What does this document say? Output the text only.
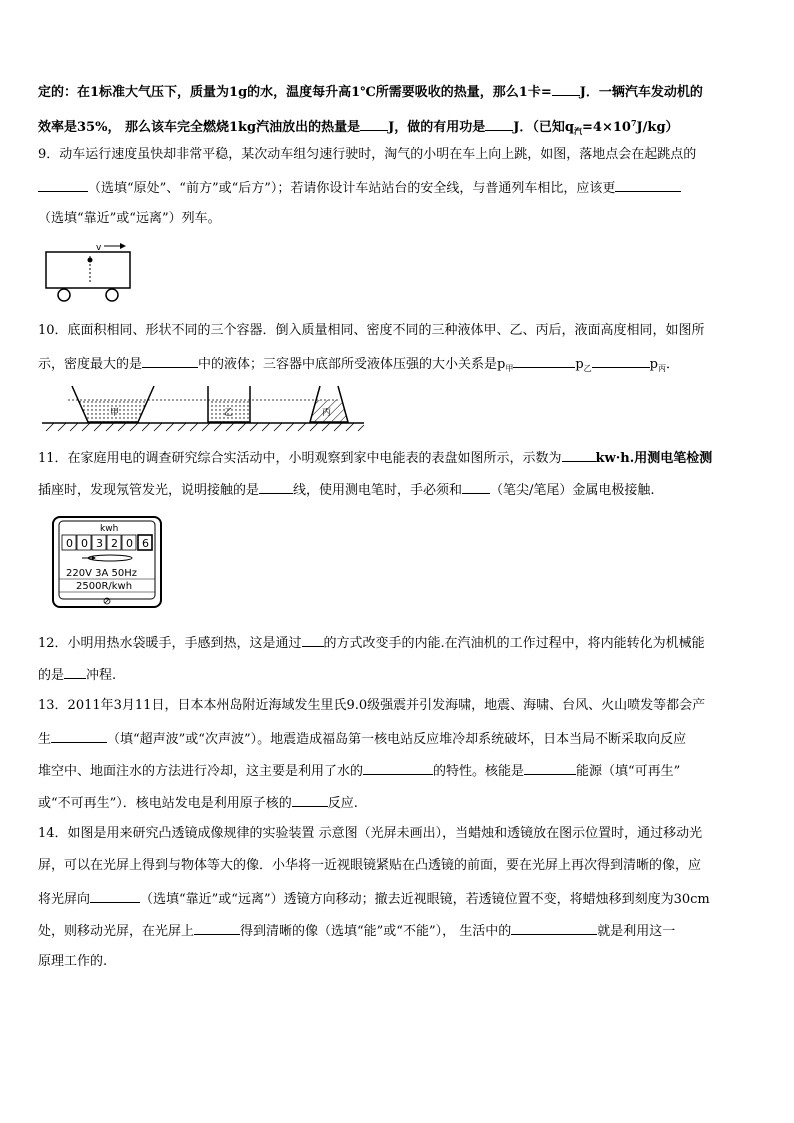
定的：在1标准大气压下，质量为1g的水，温度每升高1℃所需要吸收的热量，那么1卡= J．一辆汽车发动机的
效率是35%， 那么该车完全燃烧1kg汽油放出的热量是 J，做的有用功是 J．（已知$q_汽=4\times 10^7J/kg$）
9．动车运行速度虽快却非常平稳，某次动车组匀速行驶时，淘气的小明在车上向上跳，如图，落地点会在起跳点的
（选填“原处”、“前方”或“后方”）；若请你设计车站站台的安全线，与普通列车相比，应该更
（选填“靠近”或“远离”）列车。
v
10．底面积相同、形状不同的三个容器．倒入质量相同、密度不同的三种液体甲、乙、丙后，液面高度相同，如图所
示，密度最大的是	中的液体；三容器中底部所受液体压强的大小关系是$p_甲$	$p_乙$	$p_丙$．
甲	乙	丙
11．在家庭用电的调查研究综合实活动中，小明观察到家中电能表的表盘如图所示，示数为	kw·h.用测电笔检测
插座时，发现氖管发光，说明接触的是	线，使用测电笔时，手必须和 （笔尖/笔尾）金属电极接触.
kwh
0 0 3 2 0 6
220V 3A 50Hz
2500R/kwh
12．小明用热水袋暖手，手感到热，这是通过 的方式改变手的内能.在汽油机的工作过程中，将内能转化为机械能
的是 冲程.
13．2011年3月11日，日本本州岛附近海域发生里氏9.0级强震并引发海啸，地震、海啸、台风、火山喷发等都会产
生	（填“超声波”或“次声波”）。地震造成福岛第一核电站反应堆冷却系统破坏，日本当局不断采取向反应
堆空中、地面注水的方法进行冷却，这主要是利用了水的	的特性。核能是	能源（填“可再生”
或“不可再生”）．核电站发电是利用原子核的	反应.
14．如图是用来研究凸透镜成像规律的实验装置 示意图（光屏未画出），当蜡烛和透镜放在图示位置时，通过移动光
屏，可以在光屏上得到与物体等大的像．小华将一近视眼镜紧贴在凸透镜的前面，要在光屏上再次得到清晰的像，应
将光屏向	（选填“靠近”或“远离”）透镜方向移动；撤去近视眼镜，若透镜位置不变，将蜡烛移到刻度为30cm
处，则移动光屏，在光屏上	得到清晰的像（选填“能”或“不能”）， 生活中的	就是利用这一
原理工作的.
